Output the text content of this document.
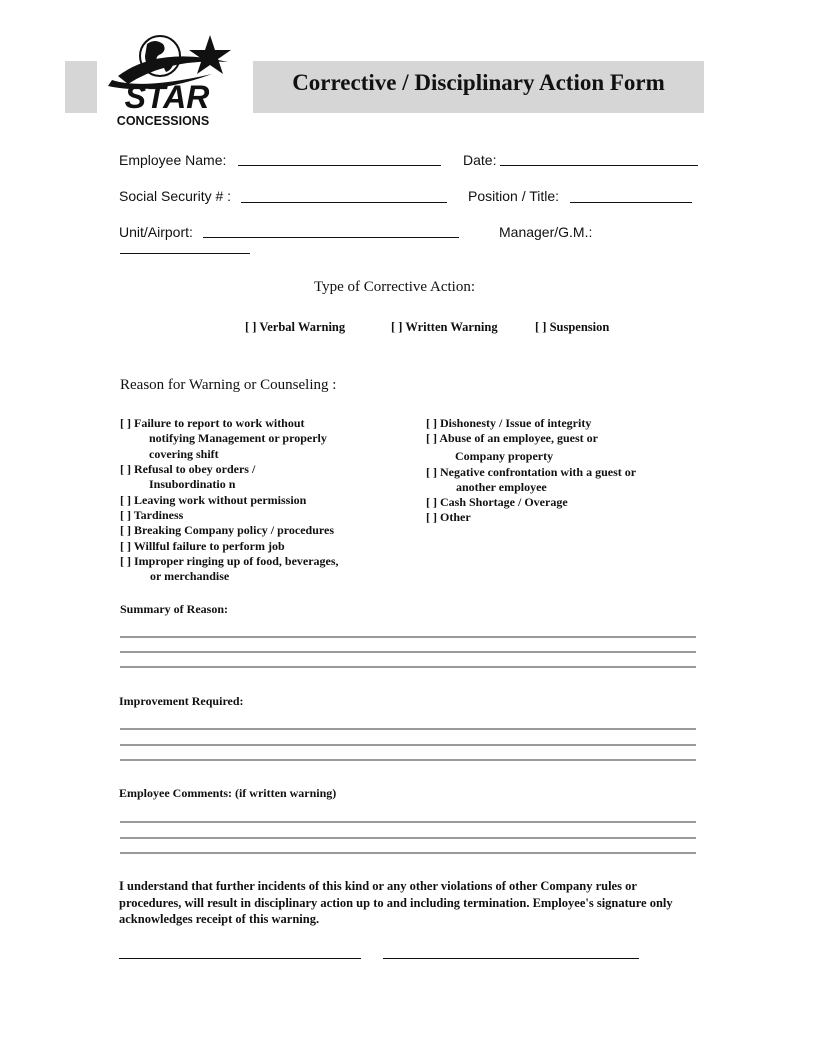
Corrective / Disciplinary Action Form
STAR
CONCESSIONS
Employee Name:	Date:
Social Security # :	Position / Title:
Unit/Airport:	Manager/G.M.:
Type of Corrective Action:
[ ] Verbal Warning	[ ] Written Warning	[ ] Suspension
Reason for Warning or Counseling :
[ ] Failure to report to work without
notifying Management or properly
covering shift
[ ] Refusal to obey orders /
Insubordinatio n
[ ] Leaving work without permission
[ ] Tardiness
[ ] Breaking Company policy / procedures
[ ] Willful failure to perform job
[ ] Improper ringing up of food, beverages,
or merchandise
[ ] Dishonesty / Issue of integrity
[ ] Abuse of an employee, guest or
Company property
[ ] Negative confrontation with a guest or
another employee
[ ] Cash Shortage / Overage
[ ] Other
Summary of Reason:
Improvement Required:
Employee Comments: (if written warning)
I understand that further incidents of this kind or any other violations of other Company rules or procedures, will result in disciplinary action up to and including termination. Employee's signature only acknowledges receipt of this warning.
